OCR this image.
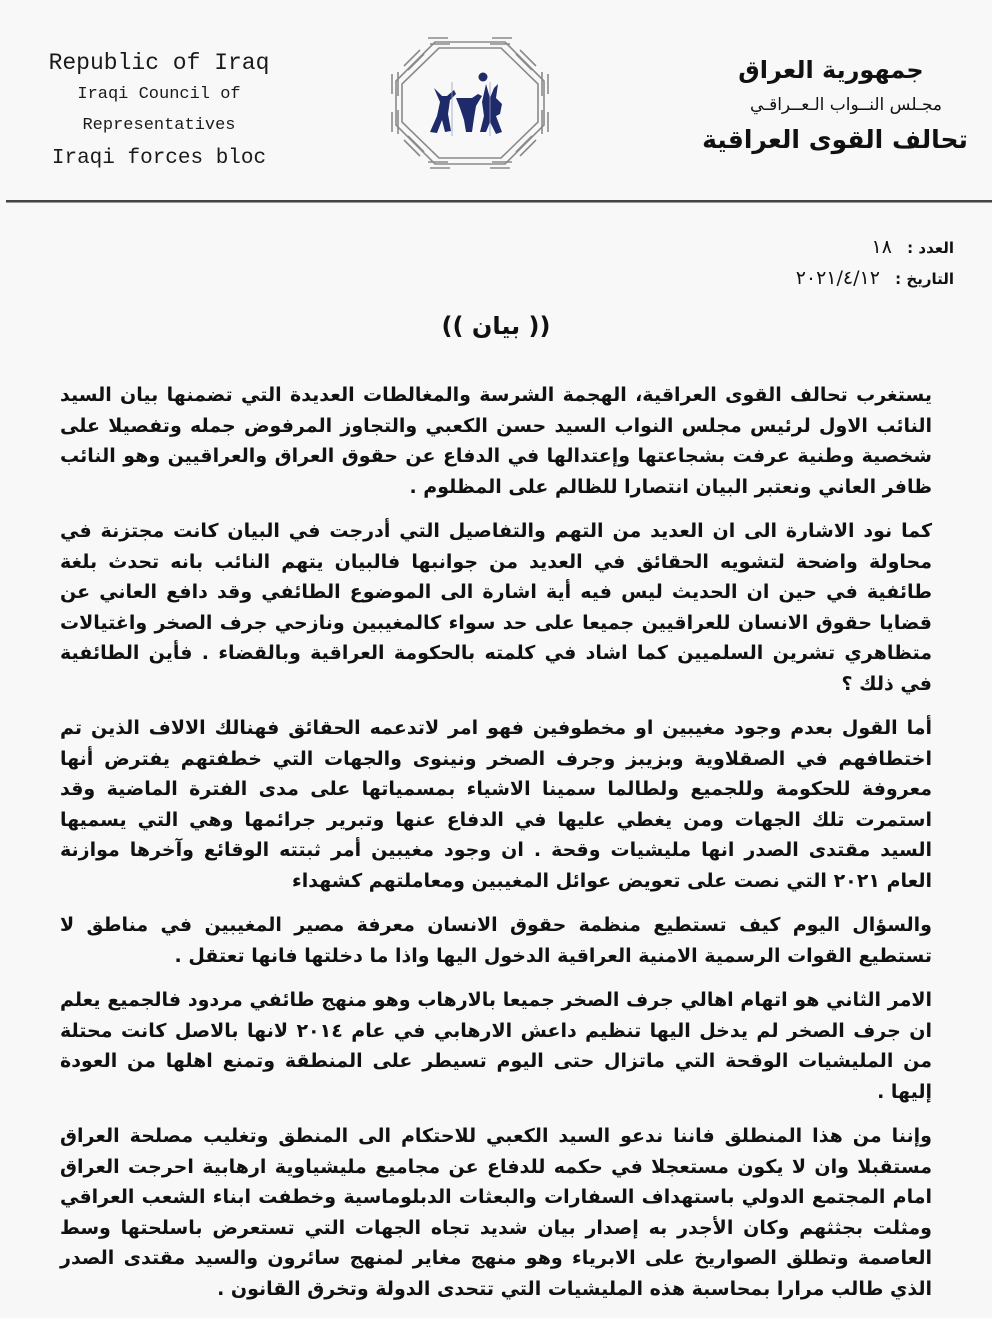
Republic of Iraq
Iraqi Council of
Representatives
Iraqi forces bloc
جمهورية العراق
مجـلس النــواب الـعــراقـي
تحالف القوى العراقية
العدد : ١٨
التاريخ : ٢٠٢١/٤/١٢
(( بيان ))

يستغرب تحالف القوى العراقية، الهجمة الشرسة والمغالطات العديدة التي تضمنها بيان السيد النائب الاول لرئيس مجلس النواب السيد حسن الكعبي والتجاوز المرفوض جمله وتفصيلا على شخصية وطنية عرفت بشجاعتها وإعتدالها في الدفاع عن حقوق العراق والعراقيين وهو النائب ظافر العاني ونعتبر البيان انتصارا للظالم على المظلوم .

كما نود الاشارة الى ان العديد من التهم والتفاصيل التي أدرجت في البيان كانت مجتزنة في محاولة واضحة لتشويه الحقائق في العديد من جوانبها فالبيان يتهم النائب بانه تحدث بلغة طائفية في حين ان الحديث ليس فيه أية اشارة الى الموضوع الطائفي وقد دافع العاني عن قضايا حقوق الانسان للعراقيين جميعا على حد سواء كالمغيبين ونازحي جرف الصخر واغتيالات متظاهري تشرين السلميين كما اشاد في كلمته بالحكومة العراقية وبالقضاء . فأين الطائفية في ذلك ؟

أما القول بعدم وجود مغيبين او مخطوفين فهو امر لاتدعمه الحقائق فهنالك الالاف الذين تم اختطافهم في الصقلاوية وبزيبز وجرف الصخر ونينوى والجهات التي خطفتهم يفترض أنها معروفة للحكومة وللجميع ولطالما سمينا الاشياء بمسمياتها على مدى الفترة الماضية وقد استمرت تلك الجهات ومن يغطي عليها في الدفاع عنها وتبرير جرائمها وهي التي يسميها السيد مقتدى الصدر انها مليشيات وقحة . ان وجود مغيبين أمر ثبتته الوقائع وآخرها موازنة العام ٢٠٢١ التي نصت على تعويض عوائل المغيبين ومعاملتهم كشهداء

والسؤال اليوم كيف تستطيع منظمة حقوق الانسان معرفة مصير المغيبين في مناطق لا تستطيع القوات الرسمية الامنية العراقية الدخول اليها واذا ما دخلتها فانها تعتقل .

الامر الثاني هو اتهام اهالي جرف الصخر جميعا بالارهاب وهو منهج طائفي مردود فالجميع يعلم ان جرف الصخر لم يدخل اليها تنظيم داعش الارهابي في عام ٢٠١٤ لانها بالاصل كانت محتلة من المليشيات الوقحة التي ماتزال حتى اليوم تسيطر على المنطقة وتمنع اهلها من العودة إليها .

وإننا من هذا المنطلق فاننا ندعو السيد الكعبي للاحتكام الى المنطق وتغليب مصلحة العراق مستقبلا وان لا يكون مستعجلا في حكمه للدفاع عن مجاميع مليشياوية ارهابية احرجت العراق امام المجتمع الدولي باستهداف السفارات والبعثات الدبلوماسية وخطفت ابناء الشعب العراقي ومثلت بجثثهم وكان الأجدر به إصدار بيان شديد تجاه الجهات التي تستعرض باسلحتها وسط العاصمة وتطلق الصواريخ على الابرياء وهو منهج مغاير لمنهج سائرون والسيد مقتدى الصدر الذي طالب مرارا بمحاسبة هذه المليشيات التي تتحدى الدولة وتخرق القانون .
